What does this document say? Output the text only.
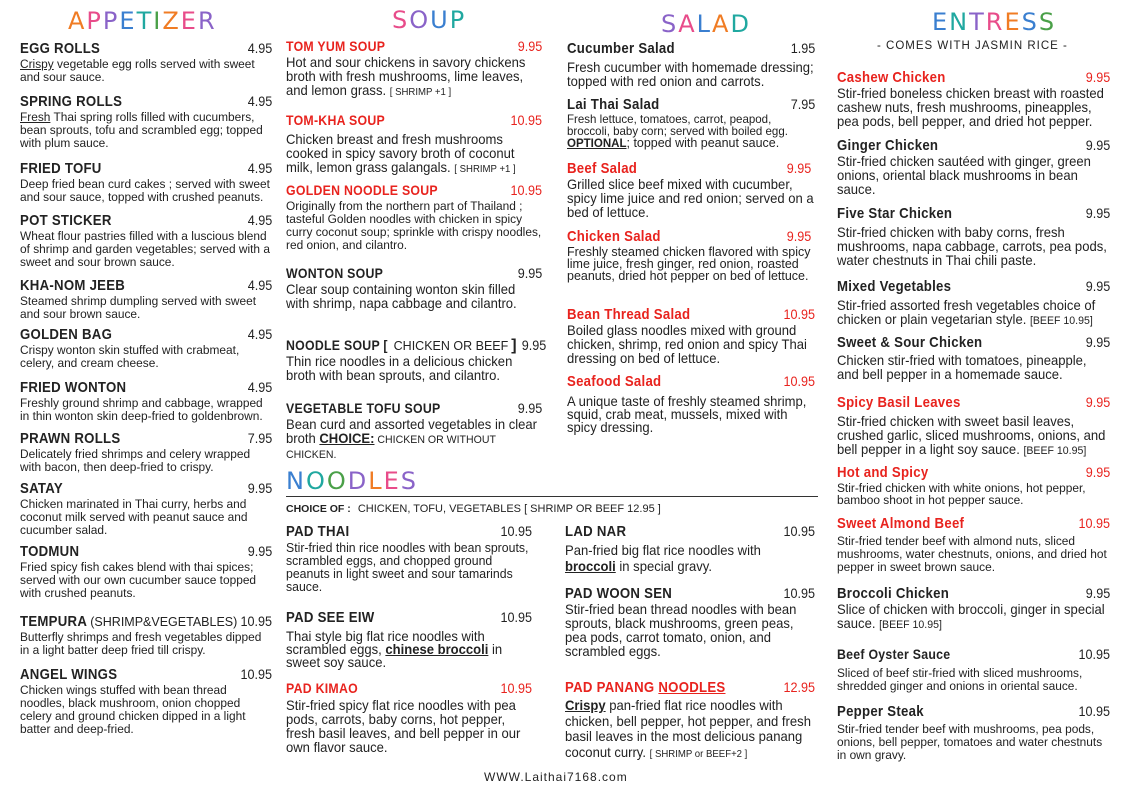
APPETIZER
EGG ROLLS	4.95

Crispy vegetable egg rolls served with sweet and sour sauce.

SPRING ROLLS	4.95

Fresh Thai spring rolls filled with cucumbers, bean sprouts, tofu and scrambled egg; topped with plum sauce.

FRIED TOFU	4.95

Deep fried bean curd cakes ; served with sweet and sour sauce, topped with crushed peanuts.

POT STICKER	4.95

Wheat flour pastries filled with a luscious blend of shrimp and garden vegetables; served with a sweet and sour brown sauce.

KHA-NOM JEEB	4.95

Steamed shrimp dumpling served with sweet and sour brown sauce.

GOLDEN BAG	4.95

Crispy wonton skin stuffed with crabmeat, celery, and cream cheese.

FRIED WONTON	4.95

Freshly ground shrimp and cabbage, wrapped in thin wonton skin deep-fried to goldenbrown.

PRAWN ROLLS	7.95

Delicately fried shrimps and celery wrapped with bacon, then deep-fried to crispy.

SATAY	9.95

Chicken marinated in Thai curry, herbs and coconut milk served with peanut sauce and cucumber salad.

TODMUN	9.95

Fried spicy fish cakes blend with thai spices; served with our own cucumber sauce topped with crushed peanuts.

TEMPURA (SHRIMP&VEGETABLES) 10.95

Butterfly shrimps and fresh vegetables dipped in a light batter deep fried till crispy.

ANGEL WINGS	10.95

Chicken wings stuffed with bean thread noodles, black mushroom, onion chopped celery and ground chicken dipped in a light batter and deep-fried.

SOUP
TOM YUM SOUP	9.95

Hot and sour chickens in savory chickens broth with fresh mushrooms, lime leaves, and lemon grass. [ SHRIMP +1 ]

TOM-KHA SOUP	10.95

Chicken breast and fresh mushrooms cooked in spicy savory broth of coconut milk, lemon grass galangals. [ SHRIMP +1 ]

GOLDEN NOODLE SOUP	10.95

Originally from the northern part of Thailand ; tasteful Golden noodles with chicken in spicy curry coconut soup; sprinkle with crispy noodles, red onion, and cilantro.

WONTON SOUP	9.95

Clear soup containing wonton skin filled with shrimp, napa cabbage and cilantro.

NOODLE SOUP [ CHICKEN OR BEEF ] 9.95

Thin rice noodles in a delicious chicken broth with bean sprouts, and cilantro.

VEGETABLE TOFU SOUP	9.95

Bean curd and assorted vegetables in clear broth CHOICE: CHICKEN OR WITHOUT CHICKEN.

SALAD
Cucumber Salad	1.95

Fresh cucumber with homemade dressing; topped with red onion and carrots.

Lai Thai Salad	7.95

Fresh lettuce, tomatoes, carrot, peapod, broccoli, baby corn; served with boiled egg.
OPTIONAL; topped with peanut sauce.

Beef Salad	9.95

Grilled slice beef mixed with cucumber, spicy lime juice and red onion; served on a bed of lettuce.

Chicken Salad	9.95

Freshly steamed chicken flavored with spicy lime juice, fresh ginger, red onion, roasted peanuts, dried hot pepper on bed of lettuce.

Bean Thread Salad	10.95

Boiled glass noodles mixed with ground chicken, shrimp, red onion and spicy Thai dressing on bed of lettuce.

Seafood Salad	10.95

A unique taste of freshly steamed shrimp, squid, crab meat, mussels, mixed with spicy dressing.

ENTRESS
- COMES WITH JASMIN RICE -
Cashew Chicken	9.95

Stir-fried boneless chicken breast with roasted cashew nuts, fresh mushrooms, pineapples, pea pods, bell pepper, and dried hot pepper.

Ginger Chicken	9.95

Stir-fried chicken sautéed with ginger, green onions, oriental black mushrooms in bean sauce.

Five Star Chicken	9.95

Stir-fried chicken with baby corns, fresh mushrooms, napa cabbage, carrots, pea pods, water chestnuts in Thai chili paste.

Mixed Vegetables	9.95

Stir-fried assorted fresh vegetables choice of chicken or plain vegetarian style. [BEEF 10.95]

Sweet & Sour Chicken	9.95

Chicken stir-fried with tomatoes, pineapple, and bell pepper in a homemade sauce.

Spicy Basil Leaves	9.95

Stir-fried chicken with sweet basil leaves, crushed garlic, sliced mushrooms, onions, and bell pepper in a light soy sauce. [BEEF 10.95]

Hot and Spicy	9.95

Stir-fried chicken with white onions, hot pepper, bamboo shoot in hot pepper sauce.

Sweet Almond Beef	10.95

Stir-fried tender beef with almond nuts, sliced mushrooms, water chestnuts, onions, and dried hot pepper in sweet brown sauce.

Broccoli Chicken	9.95

Slice of chicken with broccoli, ginger in special sauce. [BEEF 10.95]

Beef Oyster Sauce	10.95

Sliced of beef stir-fried with sliced mushrooms, shredded ginger and onions in oriental sauce.

Pepper Steak	10.95

Stir-fried tender beef with mushrooms, pea pods, onions, bell pepper, tomatoes and water chestnuts in own gravy.

NOODLES
CHOICE OF : CHICKEN, TOFU, VEGETABLES [ SHRIMP OR BEEF 12.95 ]
PAD THAI	10.95

Stir-fried thin rice noodles with bean sprouts, scrambled eggs, and chopped ground peanuts in light sweet and sour tamarinds sauce.

PAD SEE EIW	10.95

Thai style big flat rice noodles with scrambled eggs, chinese broccoli in sweet soy sauce.

PAD KIMAO	10.95

Stir-fried spicy flat rice noodles with pea pods, carrots, baby corns, hot pepper, fresh basil leaves, and bell pepper in our own flavor sauce.

LAD NAR	10.95

Pan-fried big flat rice noodles with broccoli in special gravy.

PAD WOON SEN	10.95

Stir-fried bean thread noodles with bean sprouts, black mushrooms, green peas, pea pods, carrot tomato, onion, and scrambled eggs.

PAD PANANG NOODLES	12.95

Crispy pan-fried flat rice noodles with chicken, bell pepper, hot pepper, and fresh basil leaves in the most delicious panang coconut curry. [ SHRIMP or BEEF+2 ]

WWW.Laithai7168.com
